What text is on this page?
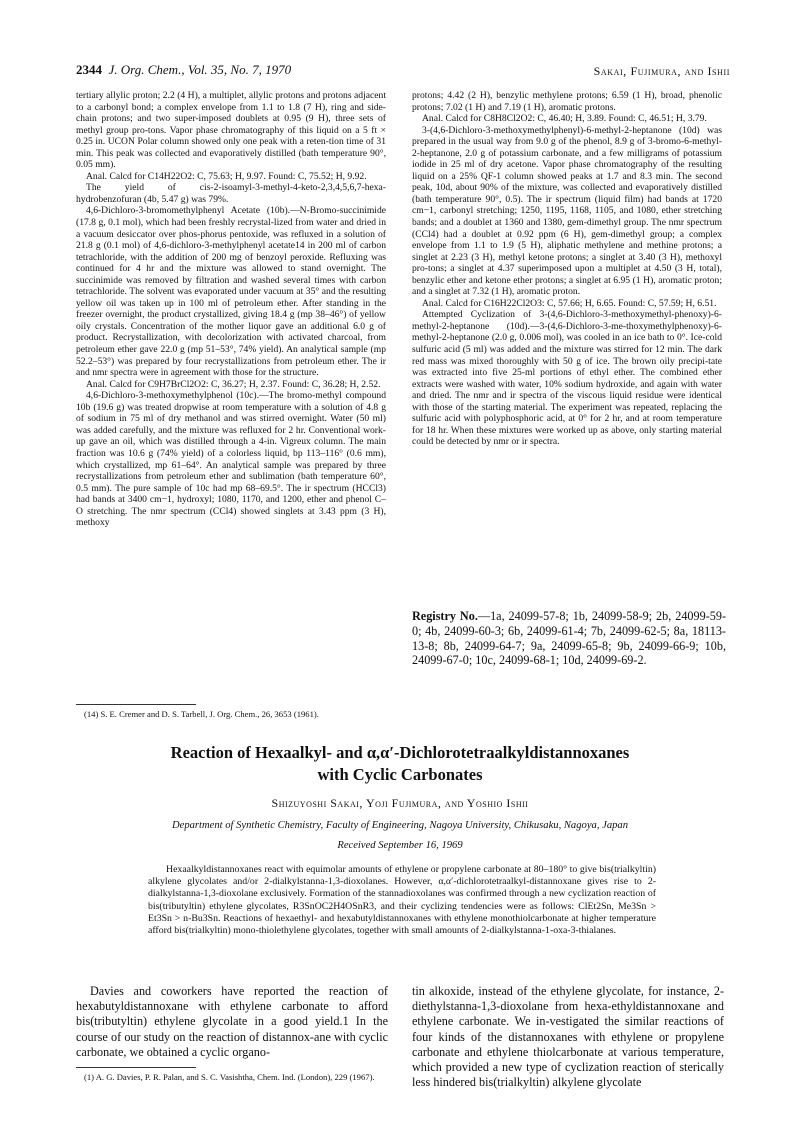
2344 J. Org. Chem., Vol. 35, No. 7, 1970	Sakai, Fujimura, and Ishii

tertiary allylic proton; 2.2 (4 H), a multiplet, allylic protons and protons adjacent to a carbonyl bond; a complex envelope from 1.1 to 1.8 (7 H), ring and side-chain protons; and two super-imposed doublets at 0.95 (9 H), three sets of methyl group pro-tons. Vapor phase chromatography of this liquid on a 5 ft × 0.25 in. UCON Polar column showed only one peak with a reten-tion time of 31 min. This peak was collected and evaporatively distilled (bath temperature 90°, 0.05 mm).

Anal. Calcd for C14H22O2: C, 75.63; H, 9.97. Found: C, 75.52; H, 9.92.

The yield of cis-2-isoamyl-3-methyl-4-keto-2,3,4,5,6,7-hexa-hydrobenzofuran (4b, 5.47 g) was 79%.

4,6-Dichloro-3-bromomethylphenyl Acetate (10b).—N-Bromo-succinimide (17.8 g, 0.1 mol), which had been freshly recrystal-lized from water and dried in a vacuum desiccator over phos-phorus pentoxide, was refluxed in a solution of 21.8 g (0.1 mol) of 4,6-dichloro-3-methylphenyl acetate14 in 200 ml of carbon tetrachloride, with the addition of 200 mg of benzoyl peroxide. Refluxing was continued for 4 hr and the mixture was allowed to stand overnight. The succinimide was removed by filtration and washed several times with carbon tetrachloride. The solvent was evaporated under vacuum at 35° and the resulting yellow oil was taken up in 100 ml of petroleum ether. After standing in the freezer overnight, the product crystallized, giving 18.4 g (mp 38–46°) of yellow oily crystals. Concentration of the mother liquor gave an additional 6.0 g of product. Recrystallization, with decolorization with activated charcoal, from petroleum ether gave 22.0 g (mp 51–53°, 74% yield). An analytical sample (mp 52.2–53°) was prepared by four recrystallizations from petroleum ether. The ir and nmr spectra were in agreement with those for the structure.

Anal. Calcd for C9H7BrCl2O2: C, 36.27; H, 2.37. Found: C, 36.28; H, 2.52.

4,6-Dichloro-3-methoxymethylphenol (10c).—The bromo-methyl compound 10b (19.6 g) was treated dropwise at room temperature with a solution of 4.8 g of sodium in 75 ml of dry methanol and was stirred overnight. Water (50 ml) was added carefully, and the mixture was refluxed for 2 hr. Conventional work-up gave an oil, which was distilled through a 4-in. Vigreux column. The main fraction was 10.6 g (74% yield) of a colorless liquid, bp 113–116° (0.6 mm), which crystallized, mp 61–64°. An analytical sample was prepared by three recrystallizations from petroleum ether and sublimation (bath temperature 60°, 0.5 mm). The pure sample of 10c had mp 68–69.5°. The ir spectrum (HCCl3) had bands at 3400 cm−1, hydroxyl; 1080, 1170, and 1200, ether and phenol C–O stretching. The nmr spectrum (CCl4) showed singlets at 3.43 ppm (3 H), methoxy

(14) S. E. Cremer and D. S. Tarbell, J. Org. Chem., 26, 3653 (1961).

protons; 4.42 (2 H), benzylic methylene protons; 6.59 (1 H), broad, phenolic protons; 7.02 (1 H) and 7.19 (1 H), aromatic protons.

Anal. Calcd for C8H8Cl2O2: C, 46.40; H, 3.89. Found: C, 46.51; H, 3.79.

3-(4,6-Dichloro-3-methoxymethylphenyl)-6-methyl-2-heptanone (10d) was prepared in the usual way from 9.0 g of the phenol, 8.9 g of 3-bromo-6-methyl-2-heptanone, 2.0 g of potassium carbonate, and a few milligrams of potassium iodide in 25 ml of dry acetone. Vapor phase chromatography of the resulting liquid on a 25% QF-1 column showed peaks at 1.7 and 8.3 min. The second peak, 10d, about 90% of the mixture, was collected and evaporatively distilled (bath temperature 90°, 0.5). The ir spectrum (liquid film) had bands at 1720 cm−1, carbonyl stretching; 1250, 1195, 1168, 1105, and 1080, ether stretching bands; and a doublet at 1360 and 1380, gem-dimethyl group. The nmr spectrum (CCl4) had a doublet at 0.92 ppm (6 H), gem-dimethyl group; a complex envelope from 1.1 to 1.9 (5 H), aliphatic methylene and methine protons; a singlet at 2.23 (3 H), methyl ketone protons; a singlet at 3.40 (3 H), methoxyl pro-tons; a singlet at 4.37 superimposed upon a multiplet at 4.50 (3 H, total), benzylic ether and ketone ether protons; a singlet at 6.95 (1 H), aromatic proton; and a singlet at 7.32 (1 H), aromatic proton.

Anal. Calcd for C16H22Cl2O3: C, 57.66; H, 6.65. Found: C, 57.59; H, 6.51.

Attempted Cyclization of 3-(4,6-Dichloro-3-methoxymethyl-phenoxy)-6-methyl-2-heptanone (10d).—3-(4,6-Dichloro-3-me-thoxymethylphenoxy)-6-methyl-2-heptanone (2.0 g, 0.006 mol), was cooled in an ice bath to 0°. Ice-cold sulfuric acid (5 ml) was added and the mixture was stirred for 12 min. The dark red mass was mixed thoroughly with 50 g of ice. The brown oily precipi-tate was extracted into five 25-ml portions of ethyl ether. The combined ether extracts were washed with water, 10% sodium hydroxide, and again with water and dried. The nmr and ir spectra of the viscous liquid residue were identical with those of the starting material. The experiment was repeated, replacing the sulfuric acid with polyphosphoric acid, at 0° for 2 hr, and at room temperature for 18 hr. When these mixtures were worked up as above, only starting material could be detected by nmr or ir spectra.

Registry No.—1a, 24099-57-8; 1b, 24099-58-9; 2b, 24099-59-0; 4b, 24099-60-3; 6b, 24099-61-4; 7b, 24099-62-5; 8a, 18113-13-8; 8b, 24099-64-7; 9a, 24099-65-8; 9b, 24099-66-9; 10b, 24099-67-0; 10c, 24099-68-1; 10d, 24099-69-2.
Reaction of Hexaalkyl- and α,α′-Dichlorotetraalkyldistannoxanes
with Cyclic Carbonates
Shizuyoshi Sakai, Yoji Fujimura, and Yoshio Ishii
Department of Synthetic Chemistry, Faculty of Engineering, Nagoya University, Chikusaku, Nagoya, Japan
Received September 16, 1969

Hexaalkyldistannoxanes react with equimolar amounts of ethylene or propylene carbonate at 80–180° to give bis(trialkyltin) alkylene glycolates and/or 2-dialkylstanna-1,3-dioxolanes. However, α,α′-dichlorotetraalkyl-distannoxane gives rise to 2-dialkylstanna-1,3-dioxolane exclusively. Formation of the stannadioxolanes was confirmed through a new cyclization reaction of bis(tributyltin) ethylene glycolates, R3SnOC2H4OSnR3, and their cyclizing tendencies were as follows: ClEt2Sn, Me3Sn > Et3Sn > n-Bu3Sn. Reactions of hexaethyl- and hexabutyldistannoxanes with ethylene monothiolcarbonate at higher temperature afford bis(trialkyltin) mono-thiolethylene glycolates, together with small amounts of 2-dialkylstanna-1-oxa-3-thialanes.

Davies and coworkers have reported the reaction of hexabutyldistannoxane with ethylene carbonate to afford bis(tributyltin) ethylene glycolate in a good yield.1 In the course of our study on the reaction of distannox-ane with cyclic carbonate, we obtained a cyclic organo-
tin alkoxide, instead of the ethylene glycolate, for instance, 2-diethylstanna-1,3-dioxolane from hexa-ethyldistannoxane and ethylene carbonate. We in-vestigated the similar reactions of four kinds of the distannoxanes with ethylene or propylene carbonate and ethylene thiolcarbonate at various temperature, which provided a new type of cyclization reaction of sterically less hindered bis(trialkyltin) alkylene glycolate
(1) A. G. Davies, P. R. Palan, and S. C. Vasishtha, Chem. Ind. (London), 229 (1967).
